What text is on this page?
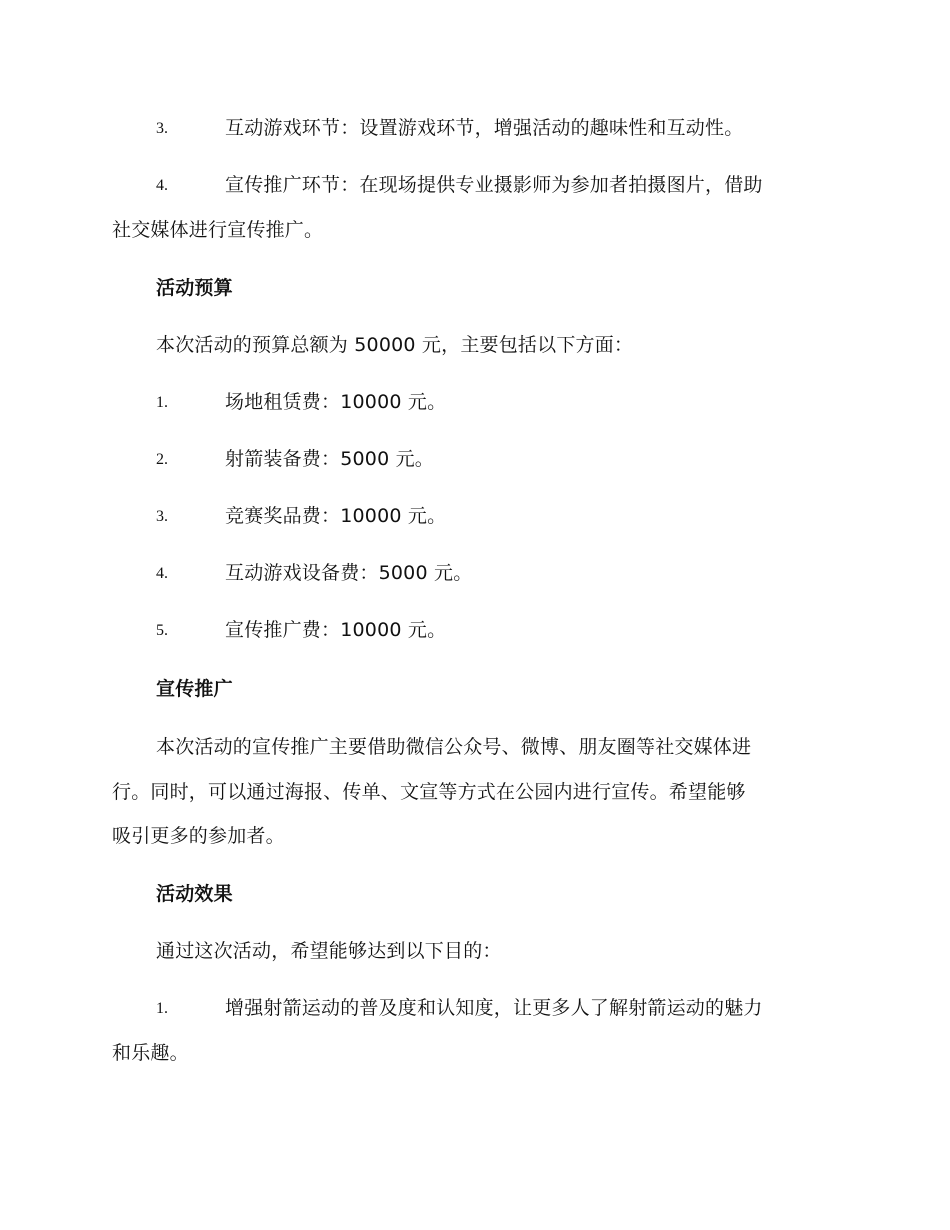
3.	互动游戏环节：设置游戏环节，增强活动的趣味性和互动性。
4.	宣传推广环节：在现场提供专业摄影师为参加者拍摄图片，借助
社交媒体进行宣传推广。
活动预算
本次活动的预算总额为 50000 元，主要包括以下方面：
1.	场地租赁费：10000 元。
2.	射箭装备费：5000 元。
3.	竞赛奖品费：10000 元。
4.	互动游戏设备费：5000 元。
5.	宣传推广费：10000 元。
宣传推广
本次活动的宣传推广主要借助微信公众号、微博、朋友圈等社交媒体进
行。同时，可以通过海报、传单、文宣等方式在公园内进行宣传。希望能够
吸引更多的参加者。
活动效果
通过这次活动，希望能够达到以下目的：
1.	增强射箭运动的普及度和认知度，让更多人了解射箭运动的魅力
和乐趣。
